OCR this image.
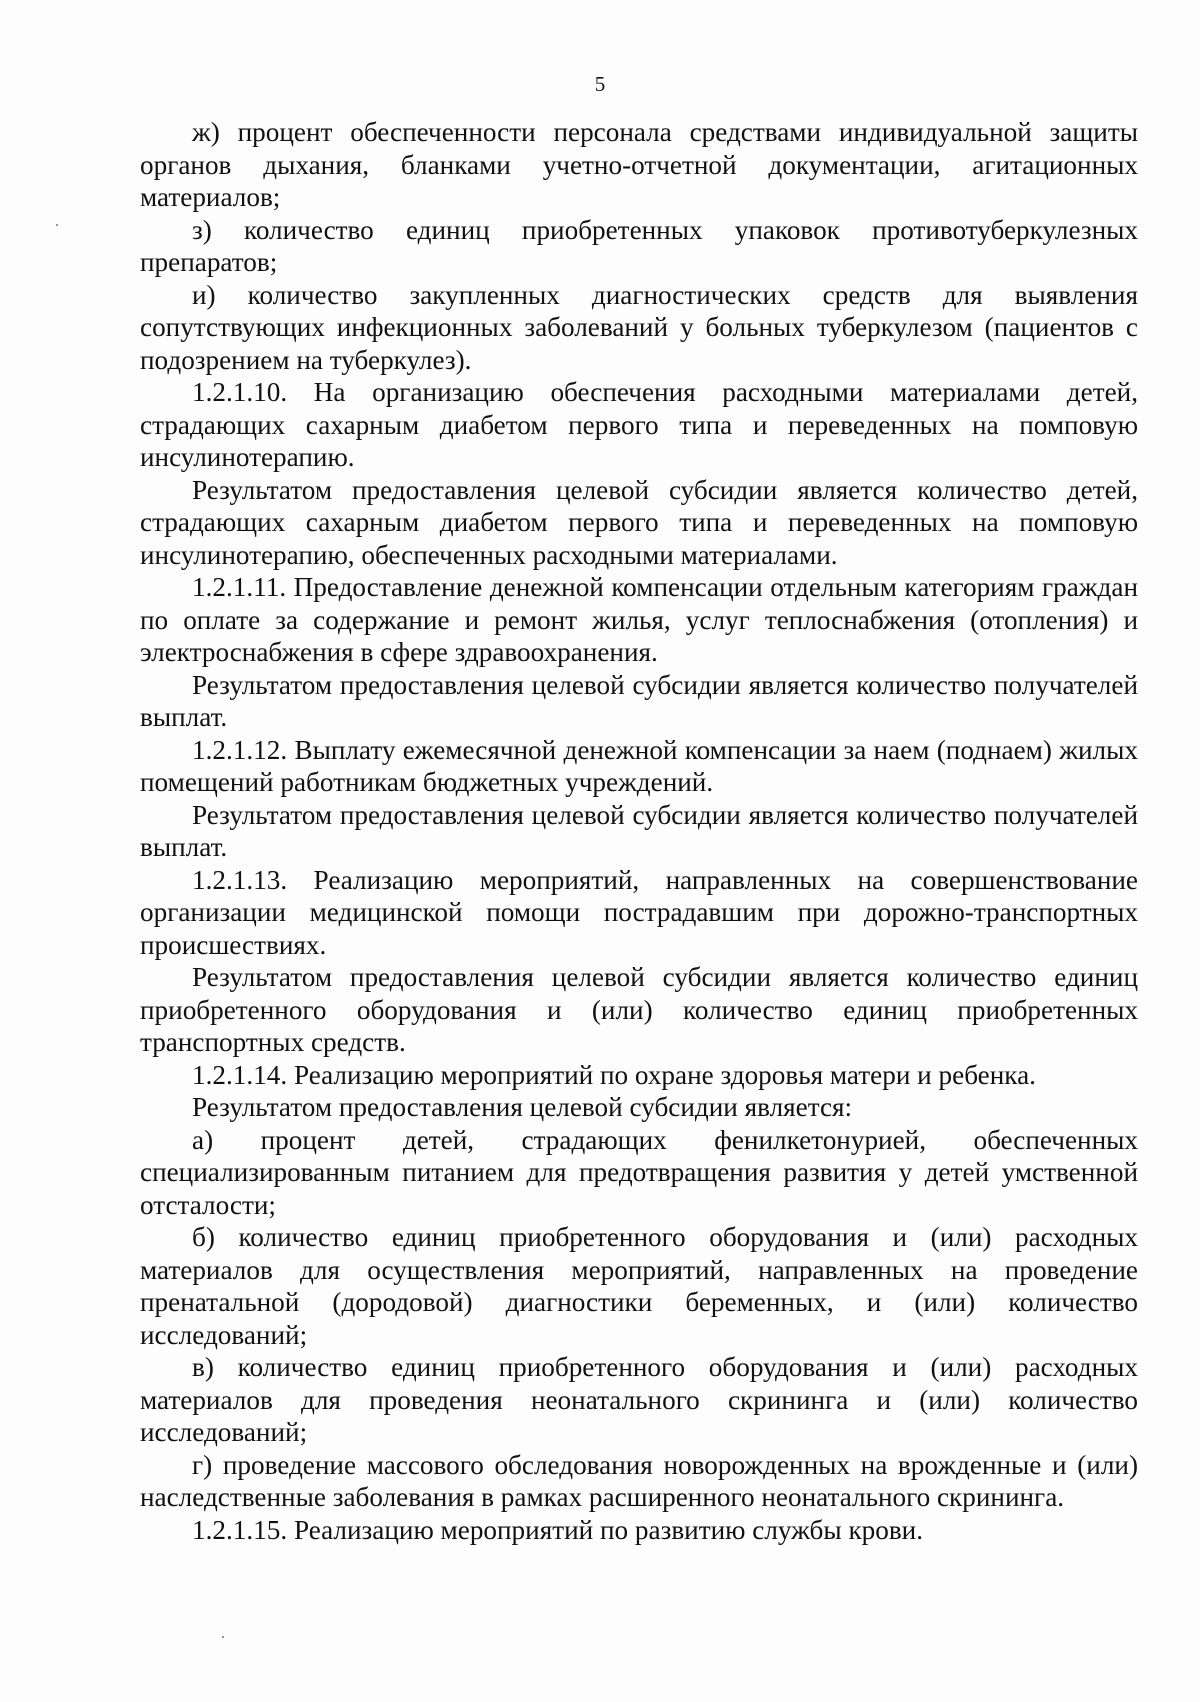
5

ж) процент обеспеченности персонала средствами индивидуальной защиты органов дыхания, бланками учетно-отчетной документации, агитационных материалов;

з) количество единиц приобретенных упаковок противотуберкулезных препаратов;

и) количество закупленных диагностических средств для выявления сопутствующих инфекционных заболеваний у больных туберкулезом (пациентов с подозрением на туберкулез).

1.2.1.10. На организацию обеспечения расходными материалами детей, страдающих сахарным диабетом первого типа и переведенных на помповую инсулинотерапию.

Результатом предоставления целевой субсидии является количество детей, страдающих сахарным диабетом первого типа и переведенных на помповую инсулинотерапию, обеспеченных расходными материалами.

1.2.1.11. Предоставление денежной компенсации отдельным категориям граждан по оплате за содержание и ремонт жилья, услуг теплоснабжения (отопления) и электроснабжения в сфере здравоохранения.

Результатом предоставления целевой субсидии является количество получателей выплат.

1.2.1.12. Выплату ежемесячной денежной компенсации за наем (поднаем) жилых помещений работникам бюджетных учреждений.

Результатом предоставления целевой субсидии является количество получателей выплат.

1.2.1.13. Реализацию мероприятий, направленных на совершенствование организации медицинской помощи пострадавшим при дорожно-транспортных происшествиях.

Результатом предоставления целевой субсидии является количество единиц приобретенного оборудования и (или) количество единиц приобретенных транспортных средств.

1.2.1.14. Реализацию мероприятий по охране здоровья матери и ребенка.

Результатом предоставления целевой субсидии является:

а) процент детей, страдающих фенилкетонурией, обеспеченных специализированным питанием для предотвращения развития у детей умственной отсталости;

б) количество единиц приобретенного оборудования и (или) расходных материалов для осуществления мероприятий, направленных на проведение пренатальной (дородовой) диагностики беременных, и (или) количество исследований;

в) количество единиц приобретенного оборудования и (или) расходных материалов для проведения неонатального скрининга и (или) количество исследований;

г) проведение массового обследования новорожденных на врожденные и (или) наследственные заболевания в рамках расширенного неонатального скрининга.

1.2.1.15. Реализацию мероприятий по развитию службы крови.
